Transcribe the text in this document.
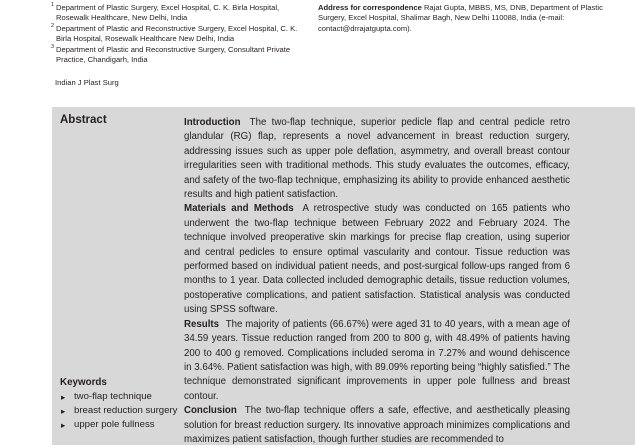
1 Department of Plastic Surgery, Excel Hospital, C. K. Birla Hospital, Rosewalk Healthcare, New Delhi, India
2 Department of Plastic and Reconstructive Surgery, Excel Hospital, C. K. Birla Hospital, Rosewalk Healthcare New Delhi, India
3 Department of Plastic and Reconstructive Surgery, Consultant Private Practice, Chandigarh, India
Address for correspondence Rajat Gupta, MBBS, MS, DNB, Department of Plastic Surgery, Excel Hospital, Shalimar Bagh, New Delhi 110088, India (e-mail: contact@drrajatgupta.com).
Indian J Plast Surg
Abstract	Introduction The two-flap technique, superior pedicle flap and central pedicle retro glandular (RG) flap, represents a novel advancement in breast reduction surgery, addressing issues such as upper pole deflation, asymmetry, and overall breast contour irregularities seen with traditional methods. This study evaluates the outcomes, efficacy, and safety of the two-flap technique, emphasizing its ability to provide enhanced aesthetic results and high patient satisfaction.

Materials and Methods A retrospective study was conducted on 165 patients who underwent the two-flap technique between February 2022 and February 2024. The technique involved preoperative skin markings for precise flap creation, using superior and central pedicles to ensure optimal vascularity and contour. Tissue reduction was performed based on individual patient needs, and post-surgical follow-ups ranged from 6 months to 1 year. Data collected included demographic details, tissue reduction volumes, postoperative complications, and patient satisfaction. Statistical analysis was conducted using SPSS software.

Results The majority of patients (66.67%) were aged 31 to 40 years, with a mean age of 34.59 years. Tissue reduction ranged from 200 to 800 g, with 48.49% of patients having 200 to 400 g removed. Complications included seroma in 7.27% and wound dehiscence in 3.64%. Patient satisfaction was high, with 89.09% reporting being “highly satisfied.” The technique demonstrated significant improvements in upper pole fullness and breast contour.

Conclusion The two-flap technique offers a safe, effective, and aesthetically pleasing solution for breast reduction surgery. Its innovative approach minimizes complications and maximizes patient satisfaction, though further studies are recommended to

Keywords
▸ two-flap technique
▸ breast reduction surgery
▸ upper pole fullness
